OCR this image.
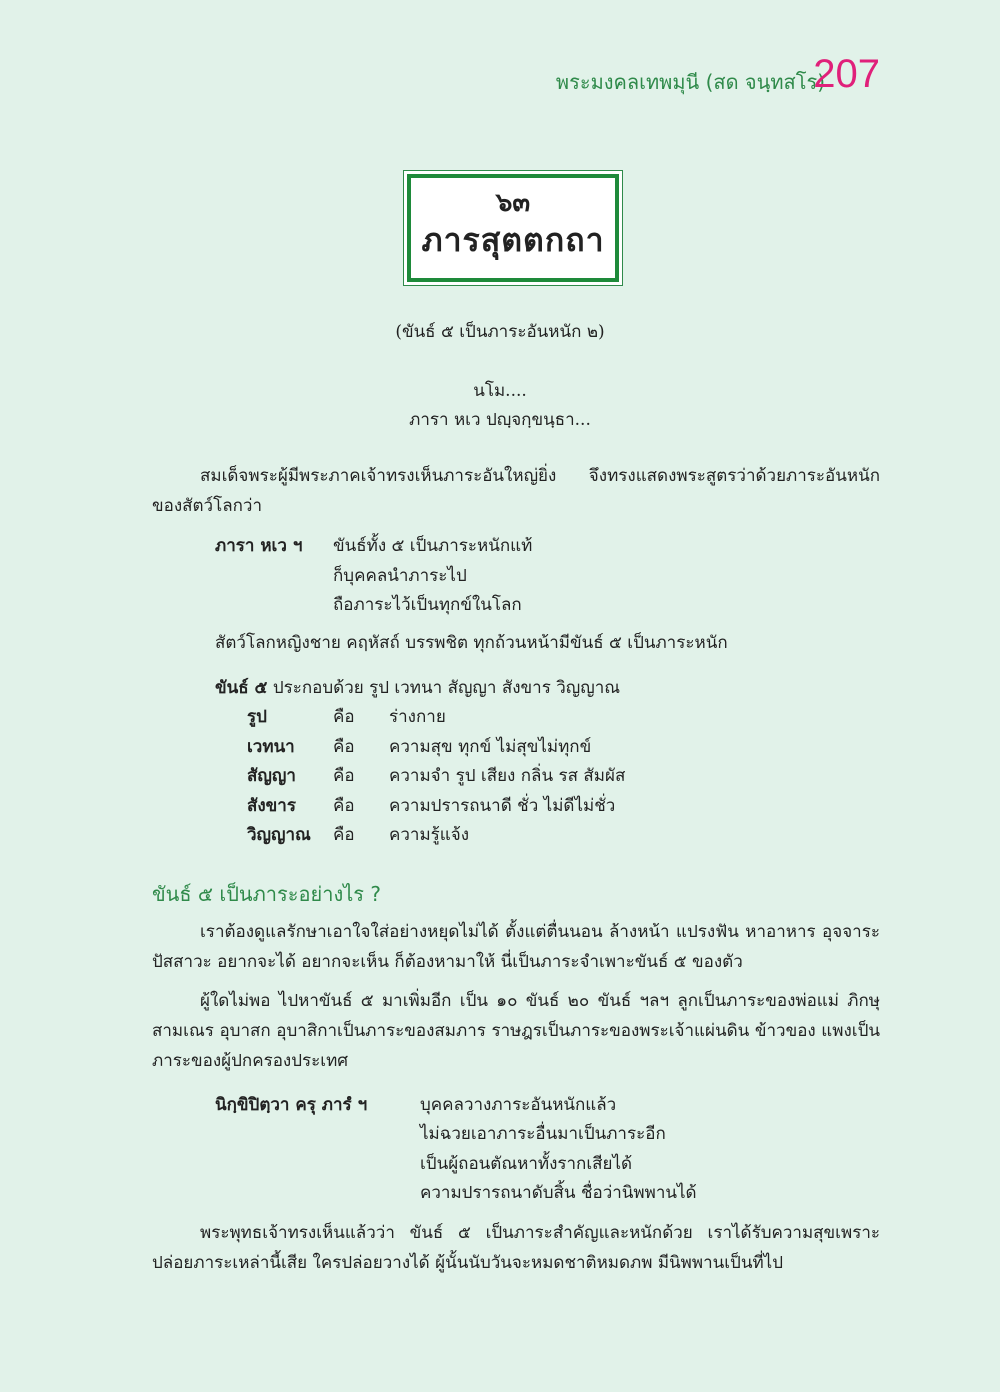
พระมงคลเทพมุนี (สด จนฺทสโร)
207
๖๓
ภารสุตตกถา
(ขันธ์ ๕ เป็นภาระอันหนัก ๒)
นโม....
ภารา หเว ปญฺจกฺขนฺธา...
สมเด็จพระผู้มีพระภาคเจ้าทรงเห็นภาระอันใหญ่ยิ่ง จึงทรงแสดงพระสูตรว่าด้วยภาระอันหนักของสัตว์โลกว่า
ภารา หเว ฯ ขันธ์ทั้ง ๕ เป็นภาระหนักแท้
ก็บุคคลนำภาระไป
ถือภาระไว้เป็นทุกข์ในโลก
สัตว์โลกหญิงชาย คฤหัสถ์ บรรพชิต ทุกถ้วนหน้ามีขันธ์ ๕ เป็นภาระหนัก
ขันธ์ ๕ ประกอบด้วย รูป เวทนา สัญญา สังขาร วิญญาณ
รูป	คือ	ร่างกาย
เวทนา	คือ	ความสุข ทุกข์ ไม่สุขไม่ทุกข์
สัญญา	คือ	ความจำ รูป เสียง กลิ่น รส สัมผัส
สังขาร	คือ	ความปรารถนาดี ชั่ว ไม่ดีไม่ชั่ว
วิญญาณ	คือ	ความรู้แจ้ง
ขันธ์ ๕ เป็นภาระอย่างไร ?
เราต้องดูแลรักษาเอาใจใส่อย่างหยุดไม่ได้ ตั้งแต่ตื่นนอน ล้างหน้า แปรงฟัน หาอาหาร อุจจาระ ปัสสาวะ อยากจะได้ อยากจะเห็น ก็ต้องหามาให้ นี่เป็นภาระจำเพาะขันธ์ ๕ ของตัว
ผู้ใดไม่พอ ไปหาขันธ์ ๕ มาเพิ่มอีก เป็น ๑๐ ขันธ์ ๒๐ ขันธ์ ฯลฯ ลูกเป็นภาระของพ่อแม่ ภิกษุ สามเณร อุบาสก อุบาสิกาเป็นภาระของสมภาร ราษฎรเป็นภาระของพระเจ้าแผ่นดิน ข้าวของ แพงเป็นภาระของผู้ปกครองประเทศ
นิกฺขิปิตฺวา ครุ ภารํ ฯ	บุคคลวางภาระอันหนักแล้ว
ไม่ฉวยเอาภาระอื่นมาเป็นภาระอีก
เป็นผู้ถอนตัณหาทั้งรากเสียได้
ความปรารถนาดับสิ้น ชื่อว่านิพพานได้
พระพุทธเจ้าทรงเห็นแล้วว่า ขันธ์ ๕ เป็นภาระสำคัญและหนักด้วย เราได้รับความสุขเพราะปล่อยภาระเหล่านี้เสีย ใครปล่อยวางได้ ผู้นั้นนับวันจะหมดชาติหมดภพ มีนิพพานเป็นที่ไป
